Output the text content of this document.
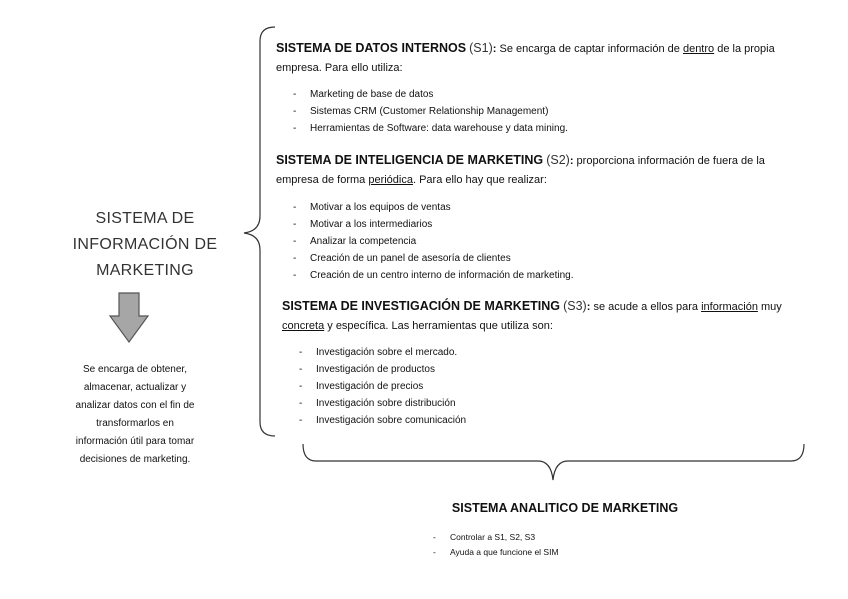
SISTEMA DE
INFORMACIÓN DE
MARKETING
Se encarga de obtener,
almacenar, actualizar y
analizar datos con el fin de
transformarlos en
información útil para tomar
decisiones de marketing.
SISTEMA DE DATOS INTERNOS (S1): Se encarga de captar información de dentro de la propia
empresa. Para ello utiliza:
- Marketing de base de datos
- Sistemas CRM (Customer Relationship Management)
- Herramientas de Software: data warehouse y data mining.
SISTEMA DE INTELIGENCIA DE MARKETING (S2): proporciona información de fuera de la
empresa de forma periódica. Para ello hay que realizar:
- Motivar a los equipos de ventas
- Motivar a los intermediarios
- Analizar la competencia
- Creación de un panel de asesoría de clientes
- Creación de un centro interno de información de marketing.
SISTEMA DE INVESTIGACIÓN DE MARKETING (S3): se acude a ellos para información muy
concreta y específica. Las herramientas que utiliza son:
- Investigación sobre el mercado.
- Investigación de productos
- Investigación de precios
- Investigación sobre distribución
- Investigación sobre comunicación
SISTEMA ANALITICO DE MARKETING
- Controlar a S1, S2, S3
- Ayuda a que funcione el SIM
